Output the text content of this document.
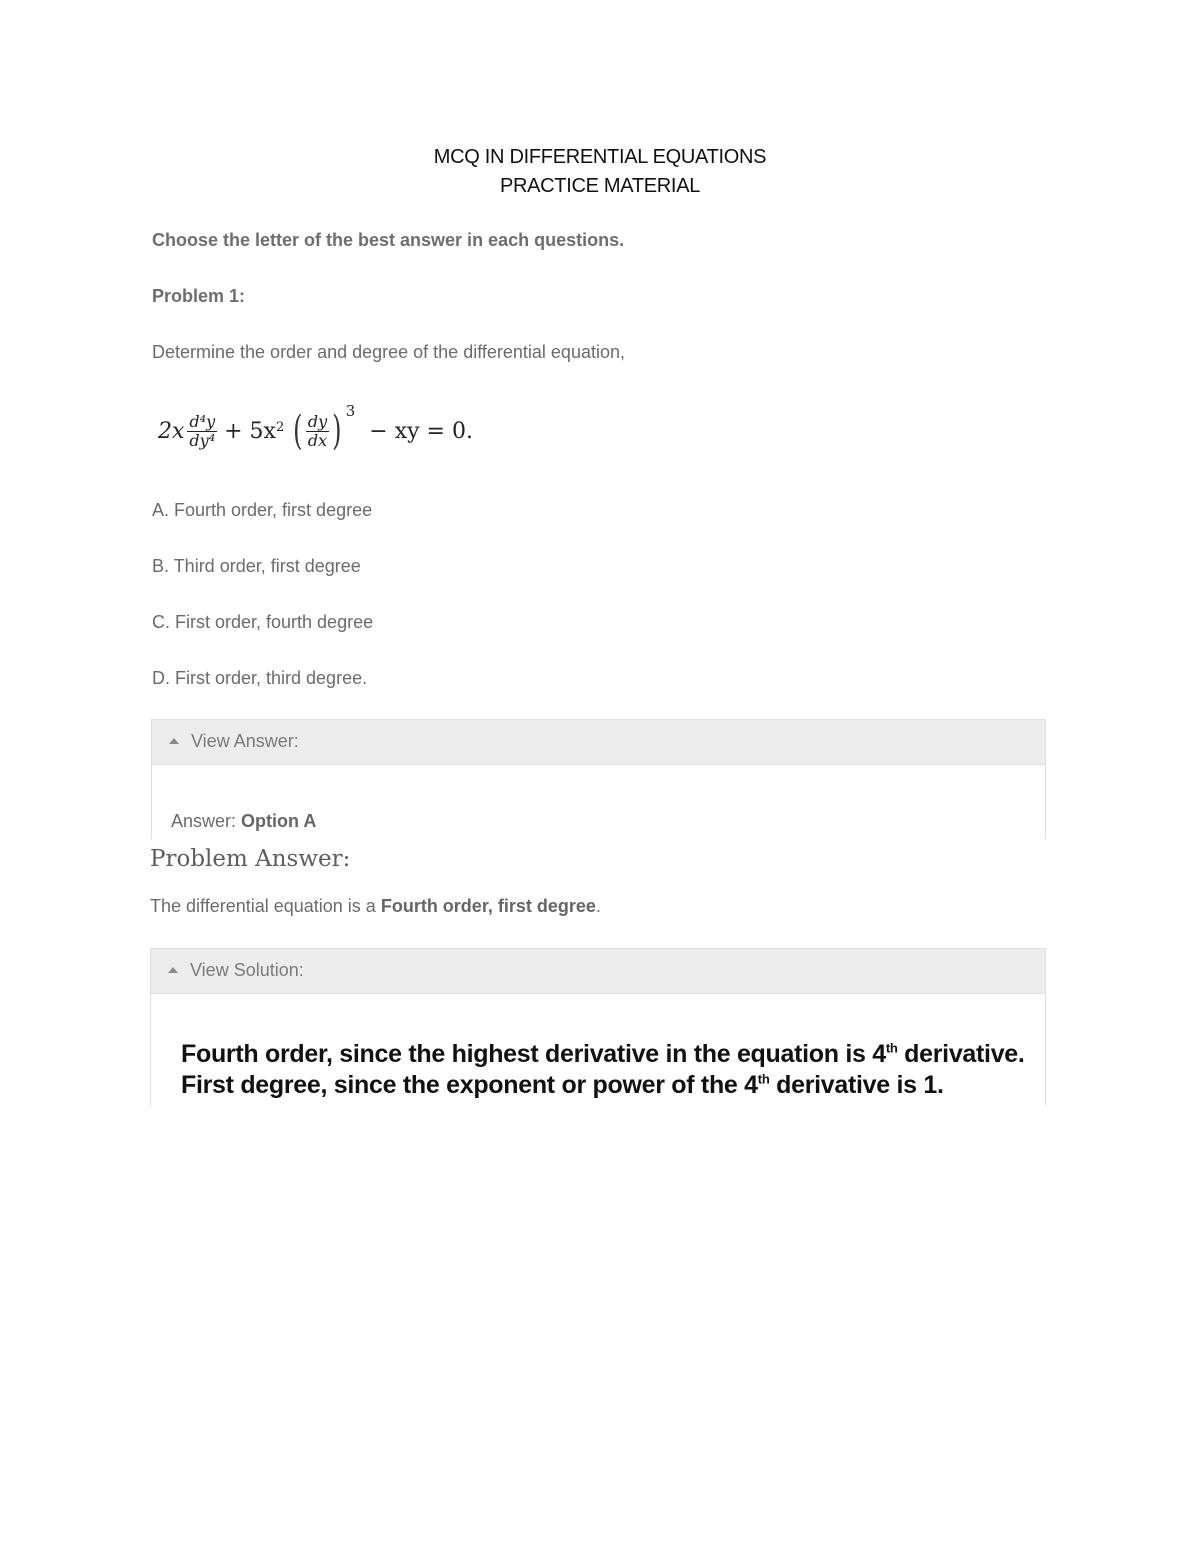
MCQ IN DIFFERENTIAL EQUATIONS
PRACTICE MATERIAL
Choose the letter of the best answer in each questions.
Problem 1:
Determine the order and degree of the differential equation,
$2x \frac{\text{d⁴y}}{\text{dy⁴}} + 5x$ 2 ( $\frac{dy}{dx}$ ) 3
− xy = 0.
A. Fourth order, first degree
B. Third order, first degree
C. First order, fourth degree
D. First order, third degree.
View Answer:
Answer: Option A
Problem Answer:
The differential equation is a Fourth order, first degree.
View Solution:
Fourth order, since the highest derivative in the equation is 4th derivative.
First degree, since the exponent or power of the 4th derivative is 1.
